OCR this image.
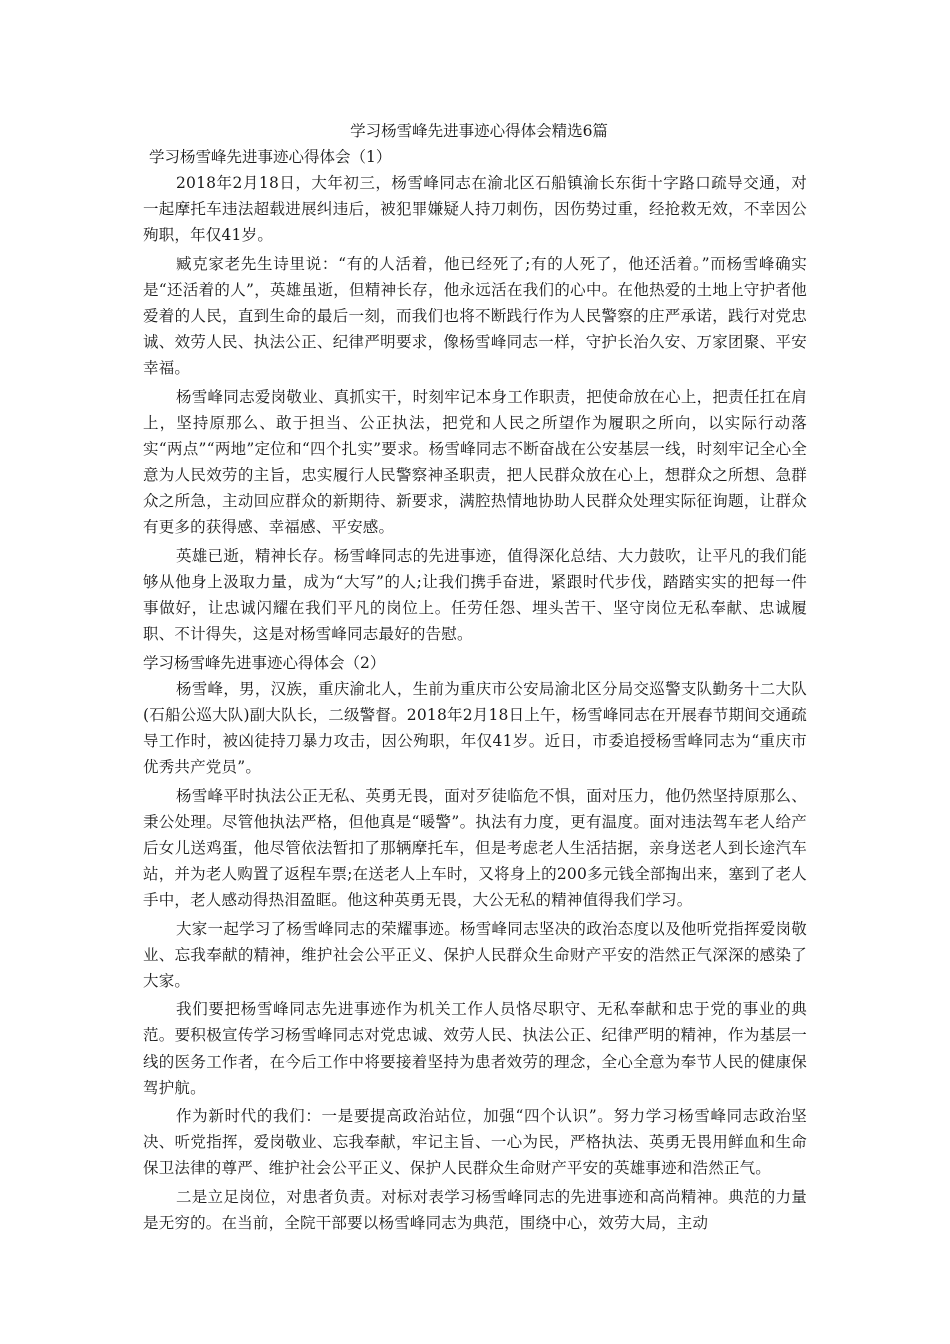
学习杨雪峰先进事迹心得体会精选6篇
学习杨雪峰先进事迹心得体会（1）

2018年2月18日，大年初三，杨雪峰同志在渝北区石船镇渝长东街十字路口疏导交通，对一起摩托车违法超载进展纠违后，被犯罪嫌疑人持刀刺伤，因伤势过重，经抢救无效，不幸因公殉职，年仅41岁。

臧克家老先生诗里说：“有的人活着，他已经死了;有的人死了，他还活着。”而杨雪峰确实是“还活着的人”，英雄虽逝，但精神长存，他永远活在我们的心中。在他热爱的土地上守护者他爱着的人民，直到生命的最后一刻，而我们也将不断践行作为人民警察的庄严承诺，践行对党忠诚、效劳人民、执法公正、纪律严明要求，像杨雪峰同志一样，守护长治久安、万家团聚、平安幸福。

杨雪峰同志爱岗敬业、真抓实干，时刻牢记本身工作职责，把使命放在心上，把责任扛在肩上，坚持原那么、敢于担当、公正执法，把党和人民之所望作为履职之所向，以实际行动落实“两点”“两地”定位和“四个扎实”要求。杨雪峰同志不断奋战在公安基层一线，时刻牢记全心全意为人民效劳的主旨，忠实履行人民警察神圣职责，把人民群众放在心上，想群众之所想、急群众之所急，主动回应群众的新期待、新要求，满腔热情地协助人民群众处理实际征询题，让群众有更多的获得感、幸福感、平安感。

英雄已逝，精神长存。杨雪峰同志的先进事迹，值得深化总结、大力鼓吹，让平凡的我们能够从他身上汲取力量，成为“大写”的人;让我们携手奋进，紧跟时代步伐，踏踏实实的把每一件事做好，让忠诚闪耀在我们平凡的岗位上。任劳任怨、埋头苦干、坚守岗位无私奉献、忠诚履职、不计得失，这是对杨雪峰同志最好的告慰。

学习杨雪峰先进事迹心得体会（2）

杨雪峰，男，汉族，重庆渝北人，生前为重庆市公安局渝北区分局交巡警支队勤务十二大队(石船公巡大队)副大队长，二级警督。2018年2月18日上午，杨雪峰同志在开展春节期间交通疏导工作时，被凶徒持刀暴力攻击，因公殉职，年仅41岁。近日，市委追授杨雪峰同志为“重庆市优秀共产党员”。

杨雪峰平时执法公正无私、英勇无畏，面对歹徒临危不惧，面对压力，他仍然坚持原那么、秉公处理。尽管他执法严格，但他真是“暖警”。执法有力度，更有温度。面对违法驾车老人给产后女儿送鸡蛋，他尽管依法暂扣了那辆摩托车，但是考虑老人生活拮据，亲身送老人到长途汽车站，并为老人购置了返程车票;在送老人上车时，又将身上的200多元钱全部掏出来，塞到了老人手中，老人感动得热泪盈眶。他这种英勇无畏，大公无私的精神值得我们学习。

大家一起学习了杨雪峰同志的荣耀事迹。杨雪峰同志坚决的政治态度以及他听党指挥爱岗敬业、忘我奉献的精神，维护社会公平正义、保护人民群众生命财产平安的浩然正气深深的感染了大家。

我们要把杨雪峰同志先进事迹作为机关工作人员恪尽职守、无私奉献和忠于党的事业的典范。要积极宣传学习杨雪峰同志对党忠诚、效劳人民、执法公正、纪律严明的精神，作为基层一线的医务工作者，在今后工作中将要接着坚持为患者效劳的理念，全心全意为奉节人民的健康保驾护航。

作为新时代的我们：一是要提高政治站位，加强“四个认识”。努力学习杨雪峰同志政治坚决、听党指挥，爱岗敬业、忘我奉献，牢记主旨、一心为民，严格执法、英勇无畏用鲜血和生命保卫法律的尊严、维护社会公平正义、保护人民群众生命财产平安的英雄事迹和浩然正气。

二是立足岗位，对患者负责。对标对表学习杨雪峰同志的先进事迹和高尚精神。典范的力量是无穷的。在当前，全院干部要以杨雪峰同志为典范，围绕中心，效劳大局，主动
